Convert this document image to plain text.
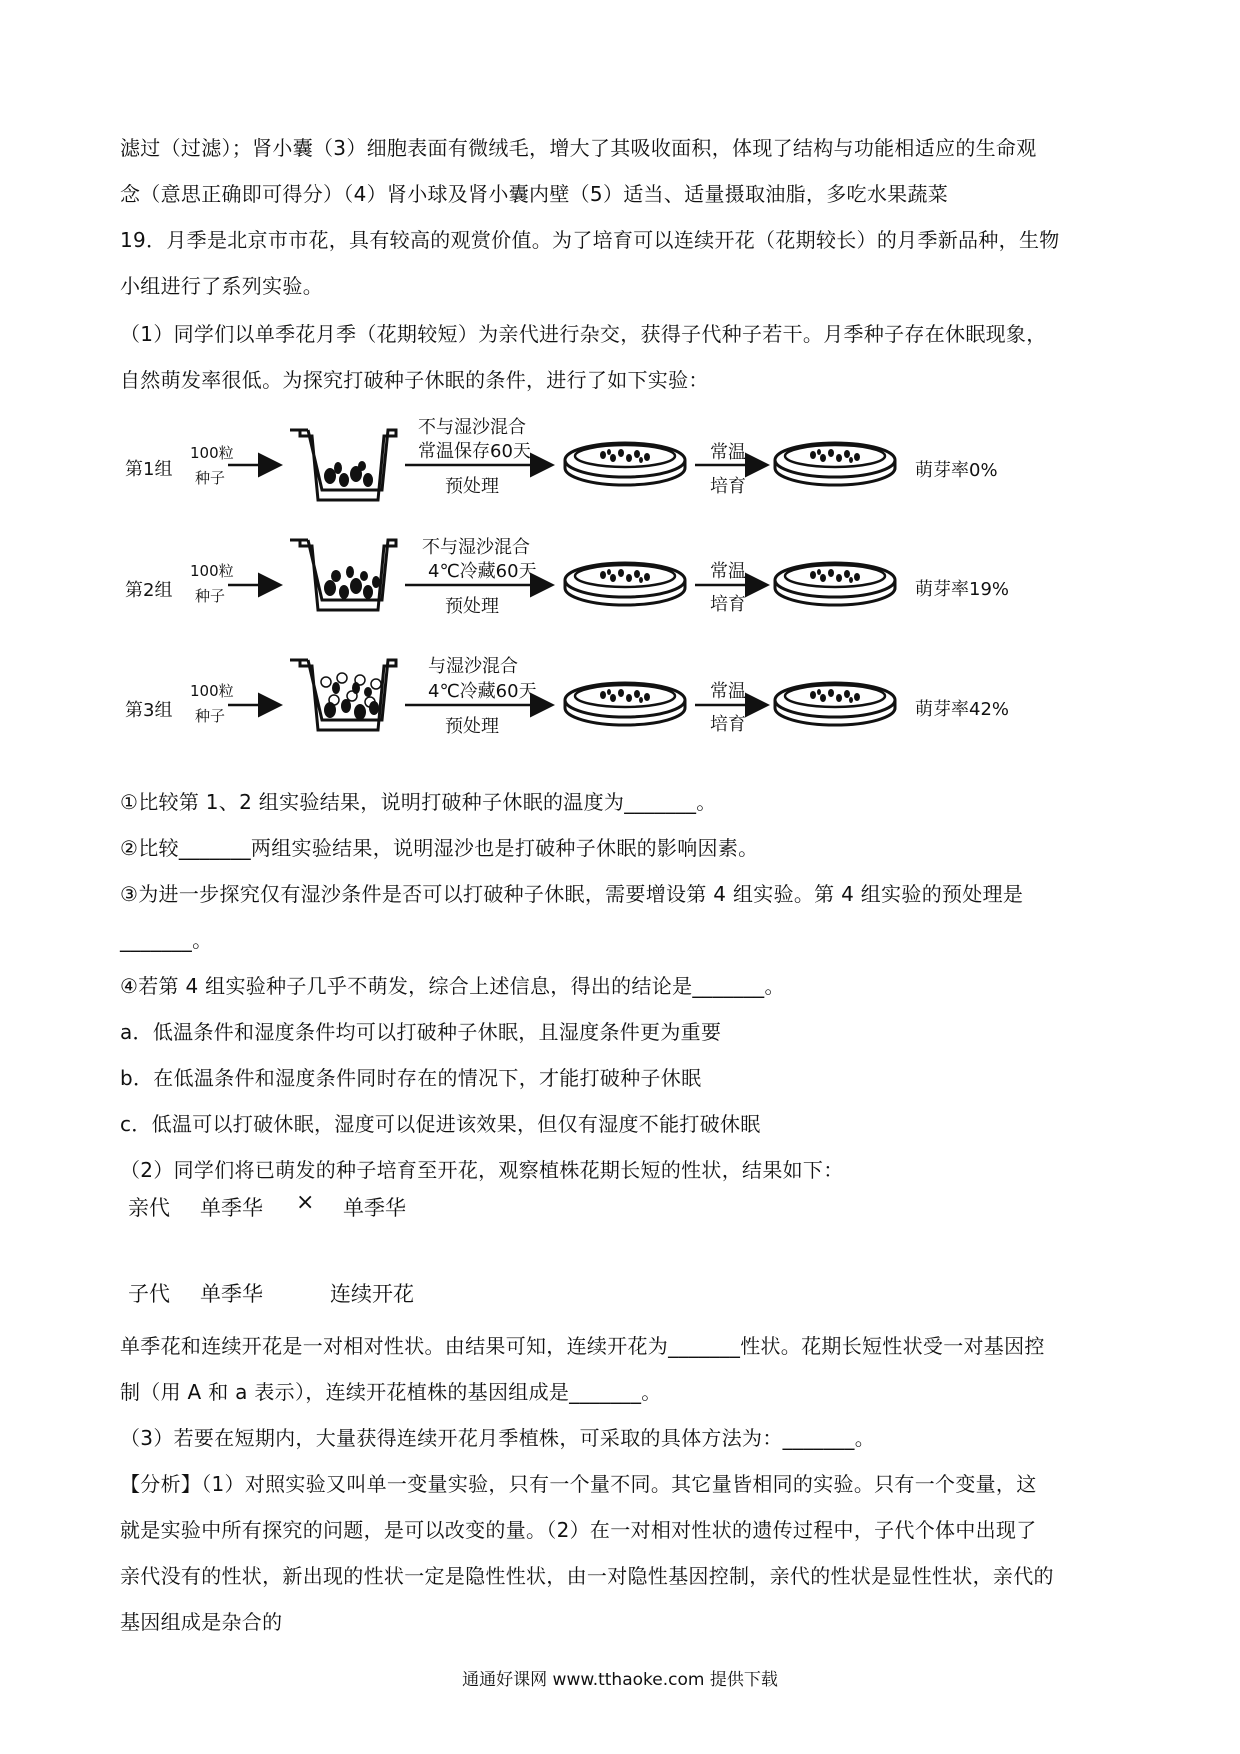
滤过（过滤）；肾小囊（3）细胞表面有微绒毛，增大了其吸收面积，体现了结构与功能相适应的生命观
念（意思正确即可得分）（4）肾小球及肾小囊内壁（5）适当、适量摄取油脂，多吃水果蔬菜
19．月季是北京市市花，具有较高的观赏价值。为了培育可以连续开花（花期较长）的月季新品种，生物
小组进行了系列实验。
（1）同学们以单季花月季（花期较短）为亲代进行杂交，获得子代种子若干。月季种子存在休眠现象，
自然萌发率很低。为探究打破种子休眠的条件，进行了如下实验：
第1组
100粒
种子
不与湿沙混合
常温保存60天
预处理
常温
培育
萌芽率0%
第2组
100粒
种子
不与湿沙混合
4℃冷藏60天
预处理
常温
培育
萌芽率19%
第3组
100粒
种子
与湿沙混合
4℃冷藏60天
预处理
常温
培育
萌芽率42%
①比较第 1、2 组实验结果，说明打破种子休眠的温度为_______。
②比较_______两组实验结果，说明湿沙也是打破种子休眠的影响因素。
③为进一步探究仅有湿沙条件是否可以打破种子休眠，需要增设第 4 组实验。第 4 组实验的预处理是
_______。
④若第 4 组实验种子几乎不萌发，综合上述信息，得出的结论是_______。
a．低温条件和湿度条件均可以打破种子休眠，且湿度条件更为重要
b．在低温条件和湿度条件同时存在的情况下，才能打破种子休眠
c．低温可以打破休眠，湿度可以促进该效果，但仅有湿度不能打破休眠
（2）同学们将已萌发的种子培育至开花，观察植株花期长短的性状，结果如下：
亲代 单季华 × 单季华
子代 单季华	连续开花
单季花和连续开花是一对相对性状。由结果可知，连续开花为_______性状。花期长短性状受一对基因控
制（用 A 和 a 表示），连续开花植株的基因组成是_______。
（3）若要在短期内，大量获得连续开花月季植株，可采取的具体方法为：_______。
【分析】（1）对照实验又叫单一变量实验，只有一个量不同。其它量皆相同的实验。只有一个变量，这
就是实验中所有探究的问题，是可以改变的量。（2）在一对相对性状的遗传过程中，子代个体中出现了
亲代没有的性状，新出现的性状一定是隐性性状，由一对隐性基因控制，亲代的性状是显性性状，亲代的
基因组成是杂合的
通通好课网 www.tthaoke.com 提供下载
